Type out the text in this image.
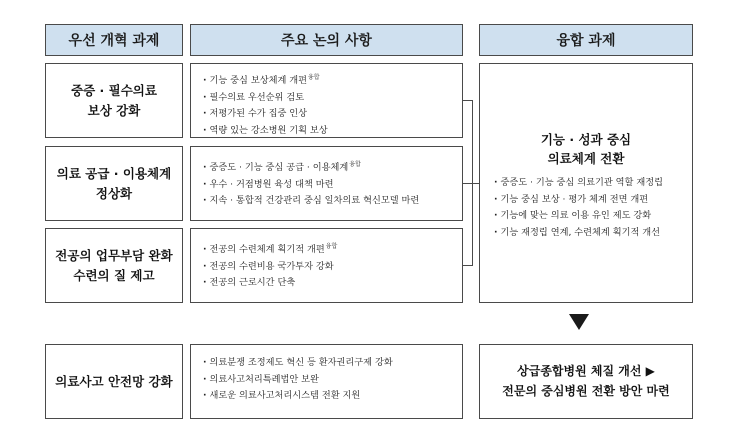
우선 개혁 과제	주요 논의 사항	융합 과제
중증 · 필수의료
보상 강화
의료 공급 · 이용체계
정상화
전공의 업무부담 완화
수련의 질 제고
의료사고 안전망 강화
· 기능 중심 보상체계 개편$^{융합}$
· 필수의료 우선순위 검토
· 저평가된 수가 집중 인상
· 역량 있는 강소병원 기획 보상
· 중증도 · 기능 중심 공급 · 이용체계$^{융합}$
· 우수 · 거점병원 육성 대책 마련
· 지속 · 통합적 건강관리 중심 일차의료 혁신모델 마련
· 전공의 수련체계 획기적 개편$^{융합}$
· 전공의 수련비용 국가투자 강화
· 전공의 근로시간 단축
· 의료분쟁 조정제도 혁신 등 환자권리구제 강화
· 의료사고처리특례법안 보완
· 새로운 의료사고처리시스템 전환 지원
기능 · 성과 중심
의료체계 전환
· 중증도 · 기능 중심 의료기관 역할 재정립
· 기능 중심 보상 · 평가 체계 전면 개편
· 기능에 맞는 의료 이용 유인 제도 강화
· 기능 재정립 연계, 수련체계 획기적 개선
상급종합병원 체질 개선 ▶
전문의 중심병원 전환 방안 마련
